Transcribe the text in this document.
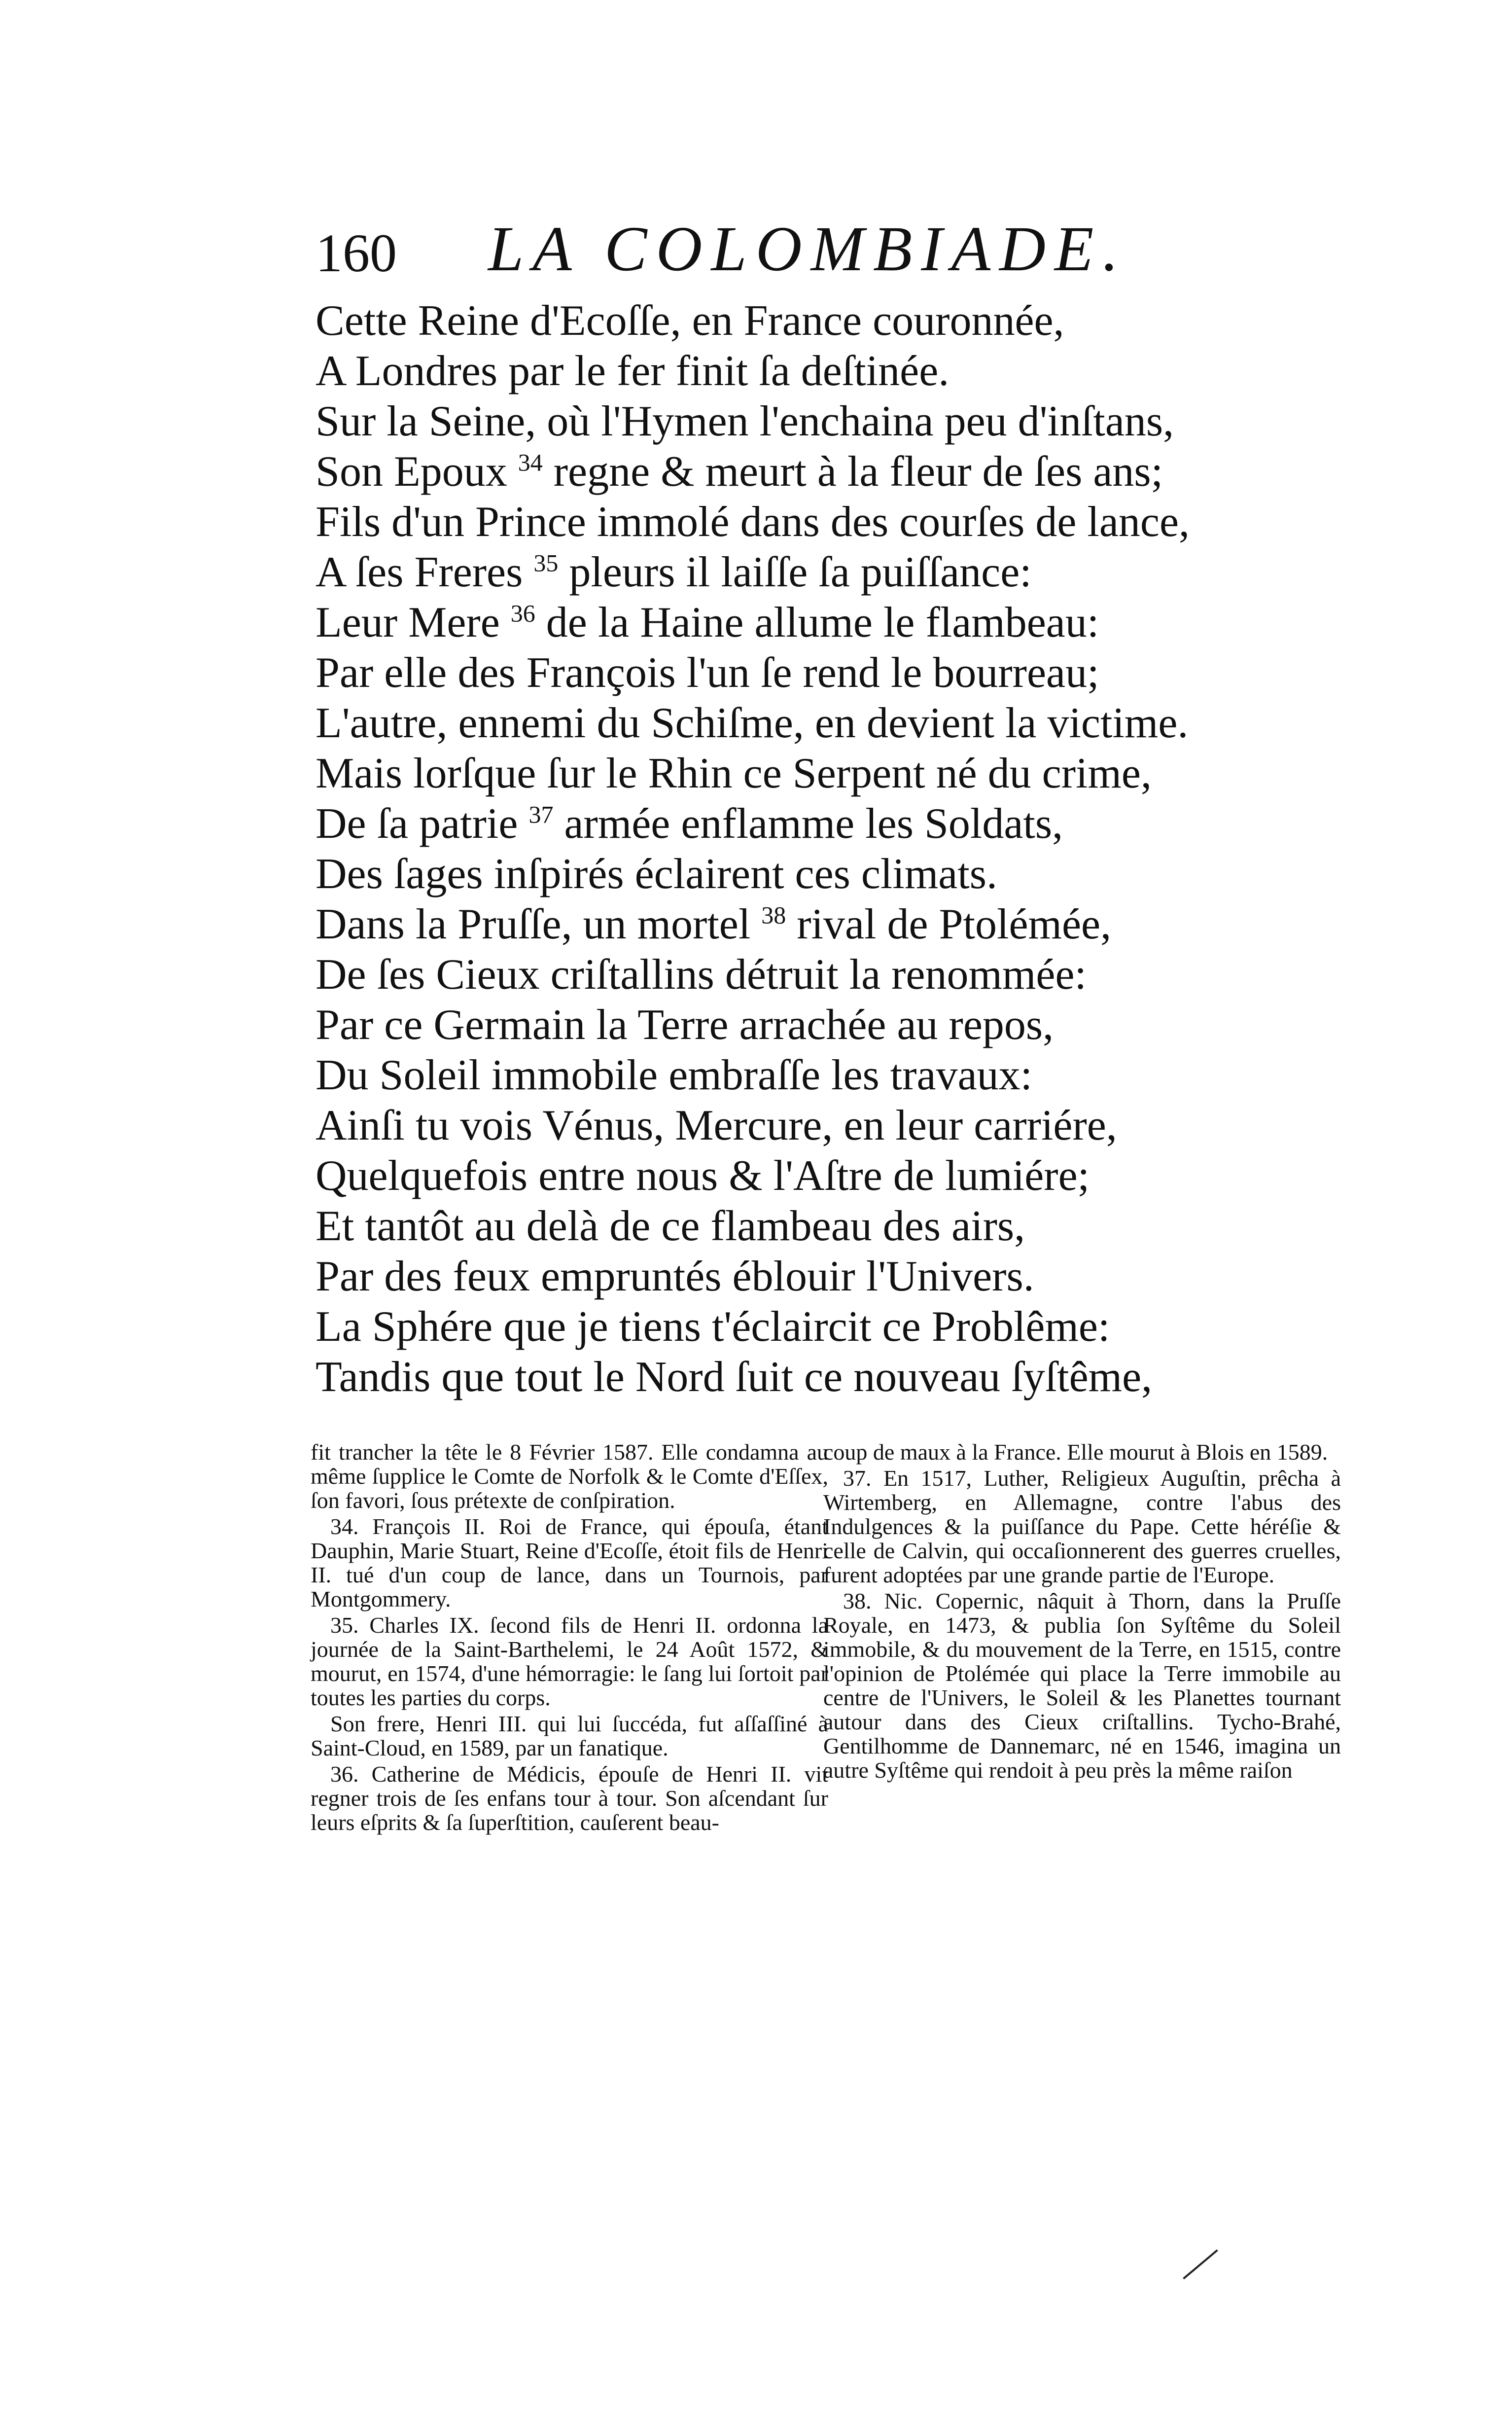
160 LA COLOMBIADE.
Cette Reine d'Ecoſſe, en France couronnée,
A Londres par le fer finit ſa deſtinée.
Sur la Seine, où l'Hymen l'enchaina peu d'inſtans,
Son Epoux $^{34}$ regne & meurt à la fleur de ſes ans;
Fils d'un Prince immolé dans des courſes de lance,
A ſes Freres $^{35}$ pleurs il laiſſe ſa puiſſance:
Leur Mere $^{36}$ de la Haine allume le flambeau:
Par elle des François l'un ſe rend le bourreau;
L'autre, ennemi du Schiſme, en devient la victime.
Mais lorſque ſur le Rhin ce Serpent né du crime,
De ſa patrie $^{37}$ armée enflamme les Soldats,
Des ſages inſpirés éclairent ces climats.
Dans la Pruſſe, un mortel $^{38}$ rival de Ptolémée,
De ſes Cieux criſtallins détruit la renommée:
Par ce Germain la Terre arrachée au repos,
Du Soleil immobile embraſſe les travaux:
Ainſi tu vois Vénus, Mercure, en leur carriére,
Quelquefois entre nous & l'Aſtre de lumiére;
Et tantôt au delà de ce flambeau des airs,
Par des feux empruntés éblouir l'Univers.
La Sphére que je tiens t'éclaircit ce Problême:
Tandis que tout le Nord ſuit ce nouveau ſyſtême,

fit trancher la tête le 8 Février 1587. Elle condamna au même ſupplice le Comte de Norfolk & le Comte d'Eſſex, ſon favori, ſous prétexte de conſpiration.

34. François II. Roi de France, qui épouſa, étant Dauphin, Marie Stuart, Reine d'Ecoſſe, étoit fils de Henri II. tué d'un coup de lance, dans un Tournois, par Montgommery.

35. Charles IX. ſecond fils de Henri II. ordonna la journée de la Saint-Barthelemi, le 24 Août 1572, & mourut, en 1574, d'une hémorragie: le ſang lui ſortoit par toutes les parties du corps.

Son frere, Henri III. qui lui ſuccéda, fut aſſaſſiné à Saint-Cloud, en 1589, par un fanatique.

36. Catherine de Médicis, épouſe de Henri II. vit regner trois de ſes enfans tour à tour. Son aſcendant ſur leurs eſprits & ſa ſuperſtition, cauſerent beau-

coup de maux à la France. Elle mourut à Blois en 1589.

37. En 1517, Luther, Religieux Auguſtin, prêcha à Wirtemberg, en Allemagne, contre l'abus des Indulgences & la puiſſance du Pape. Cette héréſie & celle de Calvin, qui occaſionnerent des guerres cruelles, furent adoptées par une grande partie de l'Europe.

38. Nic. Copernic, nâquit à Thorn, dans la Pruſſe Royale, en 1473, & publia ſon Syſtême du Soleil immobile, & du mouvement de la Terre, en 1515, contre l'opinion de Ptolémée qui place la Terre immobile au centre de l'Univers, le Soleil & les Planettes tournant autour dans des Cieux criſtallins. Tycho-Brahé, Gentilhomme de Dannemarc, né en 1546, imagina un autre Syſtême qui rendoit à peu près la même raiſon
